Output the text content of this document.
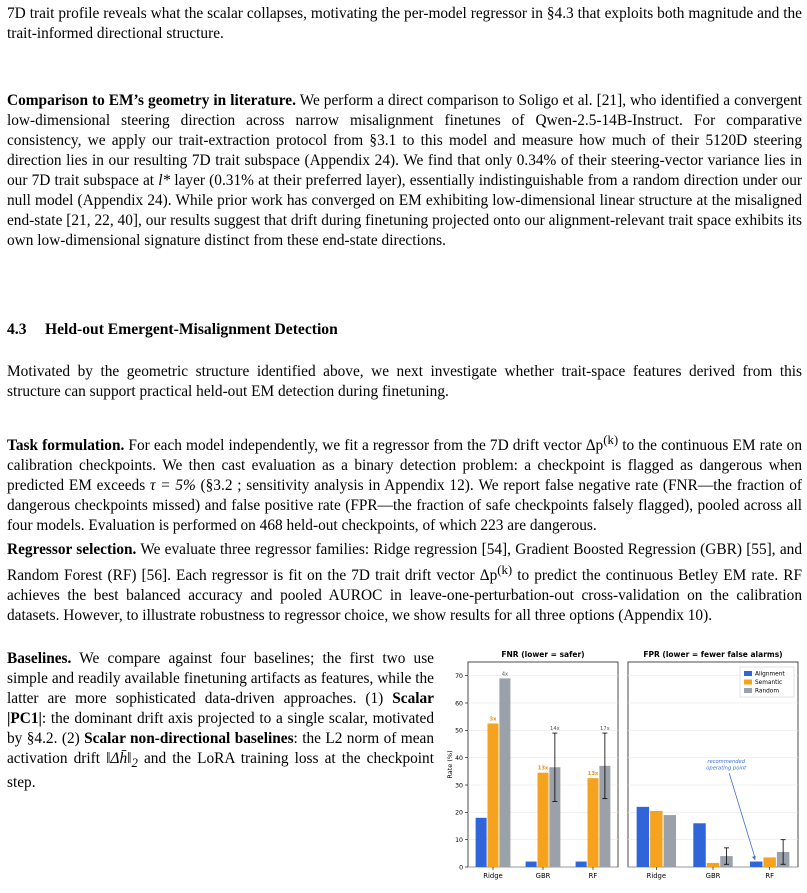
7D trait profile reveals what the scalar collapses, motivating the per-model regressor in §4.3 that exploits both magnitude and the trait-informed directional structure.

Comparison to EM’s geometry in literature. We perform a direct comparison to Soligo et al. [21], who identified a convergent low-dimensional steering direction across narrow misalignment finetunes of Qwen-2.5-14B-Instruct. For comparative consistency, we apply our trait-extraction protocol from §3.1 to this model and measure how much of their 5120D steering direction lies in our resulting 7D trait subspace (Appendix 24). We find that only 0.34% of their steering-vector variance lies in our 7D trait subspace at l* layer (0.31% at their preferred layer), essentially indistinguishable from a random direction under our null model (Appendix 24). While prior work has converged on EM exhibiting low-dimensional linear structure at the misaligned end-state [21, 22, 40], our results suggest that drift during finetuning projected onto our alignment-relevant trait space exhibits its own low-dimensional signature distinct from these end-state directions.

4.3 Held-out Emergent-Misalignment Detection

Motivated by the geometric structure identified above, we next investigate whether trait-space features derived from this structure can support practical held-out EM detection during finetuning.

Task formulation. For each model independently, we fit a regressor from the 7D drift vector $\Delta p^{(k)}$ to the continuous EM rate on calibration checkpoints. We then cast evaluation as a binary detection problem: a checkpoint is flagged as dangerous when predicted EM exceeds τ = 5% (§3.2 ; sensitivity analysis in Appendix 12). We report false negative rate (FNR—the fraction of dangerous checkpoints missed) and false positive rate (FPR—the fraction of safe checkpoints falsely flagged), pooled across all four models. Evaluation is performed on 468 held-out checkpoints, of which 223 are dangerous.

Regressor selection. We evaluate three regressor families: Ridge regression [54], Gradient Boosted Regression (GBR) [55], and Random Forest (RF) [56]. Each regressor is fit on the 7D trait drift vector $\Delta p^{(k)}$ to predict the continuous Betley EM rate. RF achieves the best balanced accuracy and pooled AUROC in leave-one-perturbation-out cross-validation on the calibration datasets. However, to illustrate robustness to regressor choice, we show results for all three options (Appendix 10).

Baselines. We compare against four baselines; the first two use simple and readily available finetuning artifacts as features, while the latter are more sophisticated data-driven approaches. (1) Scalar |PC1|: the dominant drift axis projected to a single scalar, motivated by §4.2. (2) Scalar non-directional baselines: the L2 norm of mean activation drift $‖\Delta h̄‖_2$ and the LoRA training loss at the checkpoint step.

FNR (lower = safer)
0
10
20
30
40
50
60
70
Rate (%)
Ridge	GBR	RF
3x
4x
13x
14x
13x
17x
FPR (lower = fewer false alarms)
Ridge	GBR	RF
recommended
operating point
Alignment
Semantic
Random
